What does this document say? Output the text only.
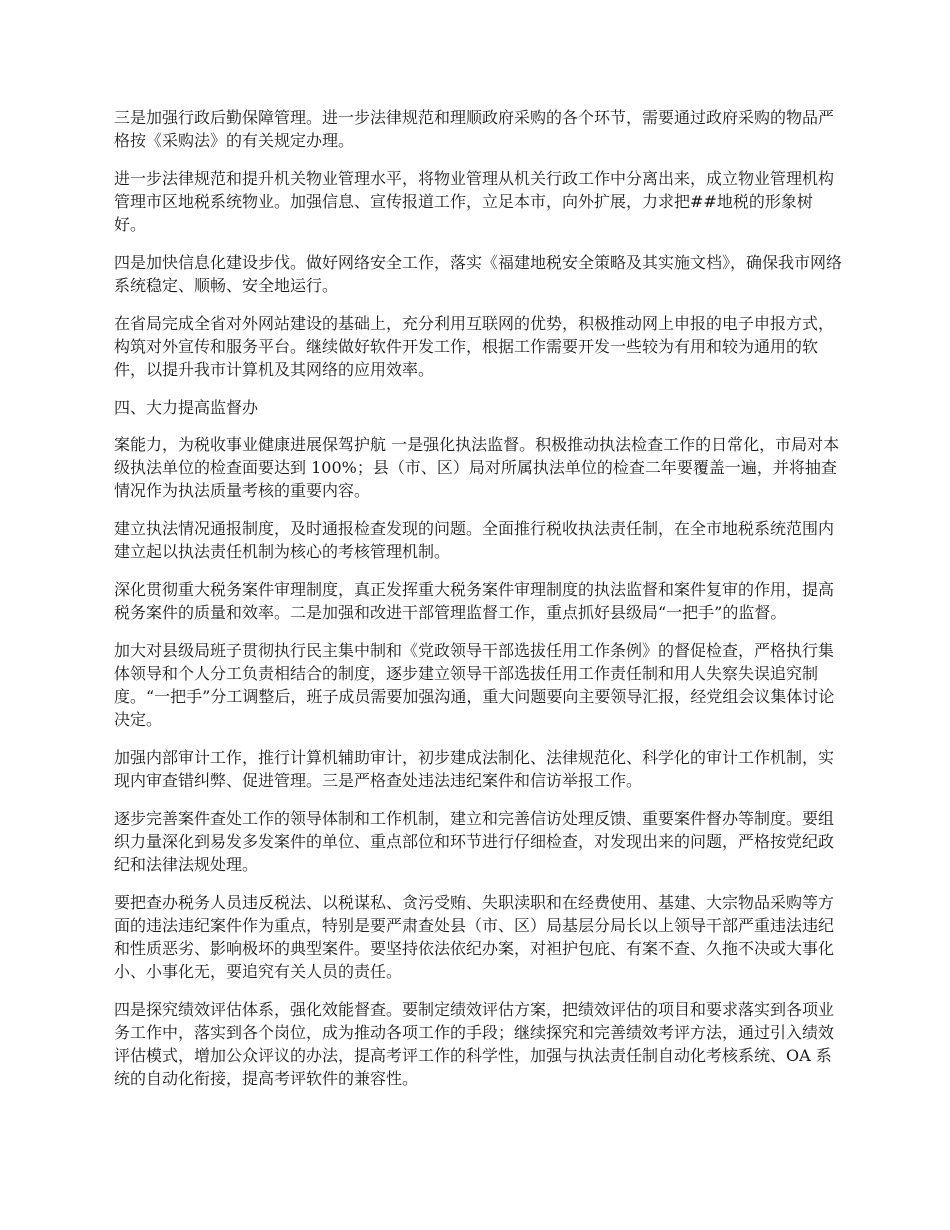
三是加强行政后勤保障管理。进一步法律规范和理顺政府采购的各个环节，需要通过政府采购的物品严格按《采购法》的有关规定办理。

进一步法律规范和提升机关物业管理水平，将物业管理从机关行政工作中分离出来，成立物业管理机构管理市区地税系统物业。加强信息、宣传报道工作，立足本市，向外扩展，力求把##地税的形象树好。

四是加快信息化建设步伐。做好网络安全工作，落实《福建地税安全策略及其实施文档》，确保我市网络系统稳定、顺畅、安全地运行。

在省局完成全省对外网站建设的基础上，充分利用互联网的优势，积极推动网上申报的电子申报方式，构筑对外宣传和服务平台。继续做好软件开发工作，根据工作需要开发一些较为有用和较为通用的软件，以提升我市计算机及其网络的应用效率。

四、大力提高监督办

案能力，为税收事业健康进展保驾护航 一是强化执法监督。积极推动执法检查工作的日常化，市局对本级执法单位的检查面要达到 100%；县（市、区）局对所属执法单位的检查二年要覆盖一遍，并将抽查情况作为执法质量考核的重要内容。

建立执法情况通报制度，及时通报检查发现的问题。全面推行税收执法责任制，在全市地税系统范围内建立起以执法责任机制为核心的考核管理机制。

深化贯彻重大税务案件审理制度，真正发挥重大税务案件审理制度的执法监督和案件复审的作用，提高税务案件的质量和效率。二是加强和改进干部管理监督工作，重点抓好县级局“一把手”的监督。

加大对县级局班子贯彻执行民主集中制和《党政领导干部选拔任用工作条例》的督促检查，严格执行集体领导和个人分工负责相结合的制度，逐步建立领导干部选拔任用工作责任制和用人失察失误追究制度。“一把手”分工调整后，班子成员需要加强沟通，重大问题要向主要领导汇报，经党组会议集体讨论决定。

加强内部审计工作，推行计算机辅助审计，初步建成法制化、法律规范化、科学化的审计工作机制，实现内审查错纠弊、促进管理。三是严格查处违法违纪案件和信访举报工作。

逐步完善案件查处工作的领导体制和工作机制，建立和完善信访处理反馈、重要案件督办等制度。要组织力量深化到易发多发案件的单位、重点部位和环节进行仔细检查，对发现出来的问题，严格按党纪政纪和法律法规处理。

要把查办税务人员违反税法、以税谋私、贪污受贿、失职渎职和在经费使用、基建、大宗物品采购等方面的违法违纪案件作为重点，特别是要严肃查处县（市、区）局基层分局长以上领导干部严重违法违纪和性质恶劣、影响极坏的典型案件。要坚持依法依纪办案，对袒护包庇、有案不查、久拖不决或大事化小、小事化无，要追究有关人员的责任。

四是探究绩效评估体系，强化效能督查。要制定绩效评估方案，把绩效评估的项目和要求落实到各项业务工作中，落实到各个岗位，成为推动各项工作的手段；继续探究和完善绩效考评方法，通过引入绩效评估模式，增加公众评议的办法，提高考评工作的科学性，加强与执法责任制自动化考核系统、OA 系统的自动化衔接，提高考评软件的兼容性。
